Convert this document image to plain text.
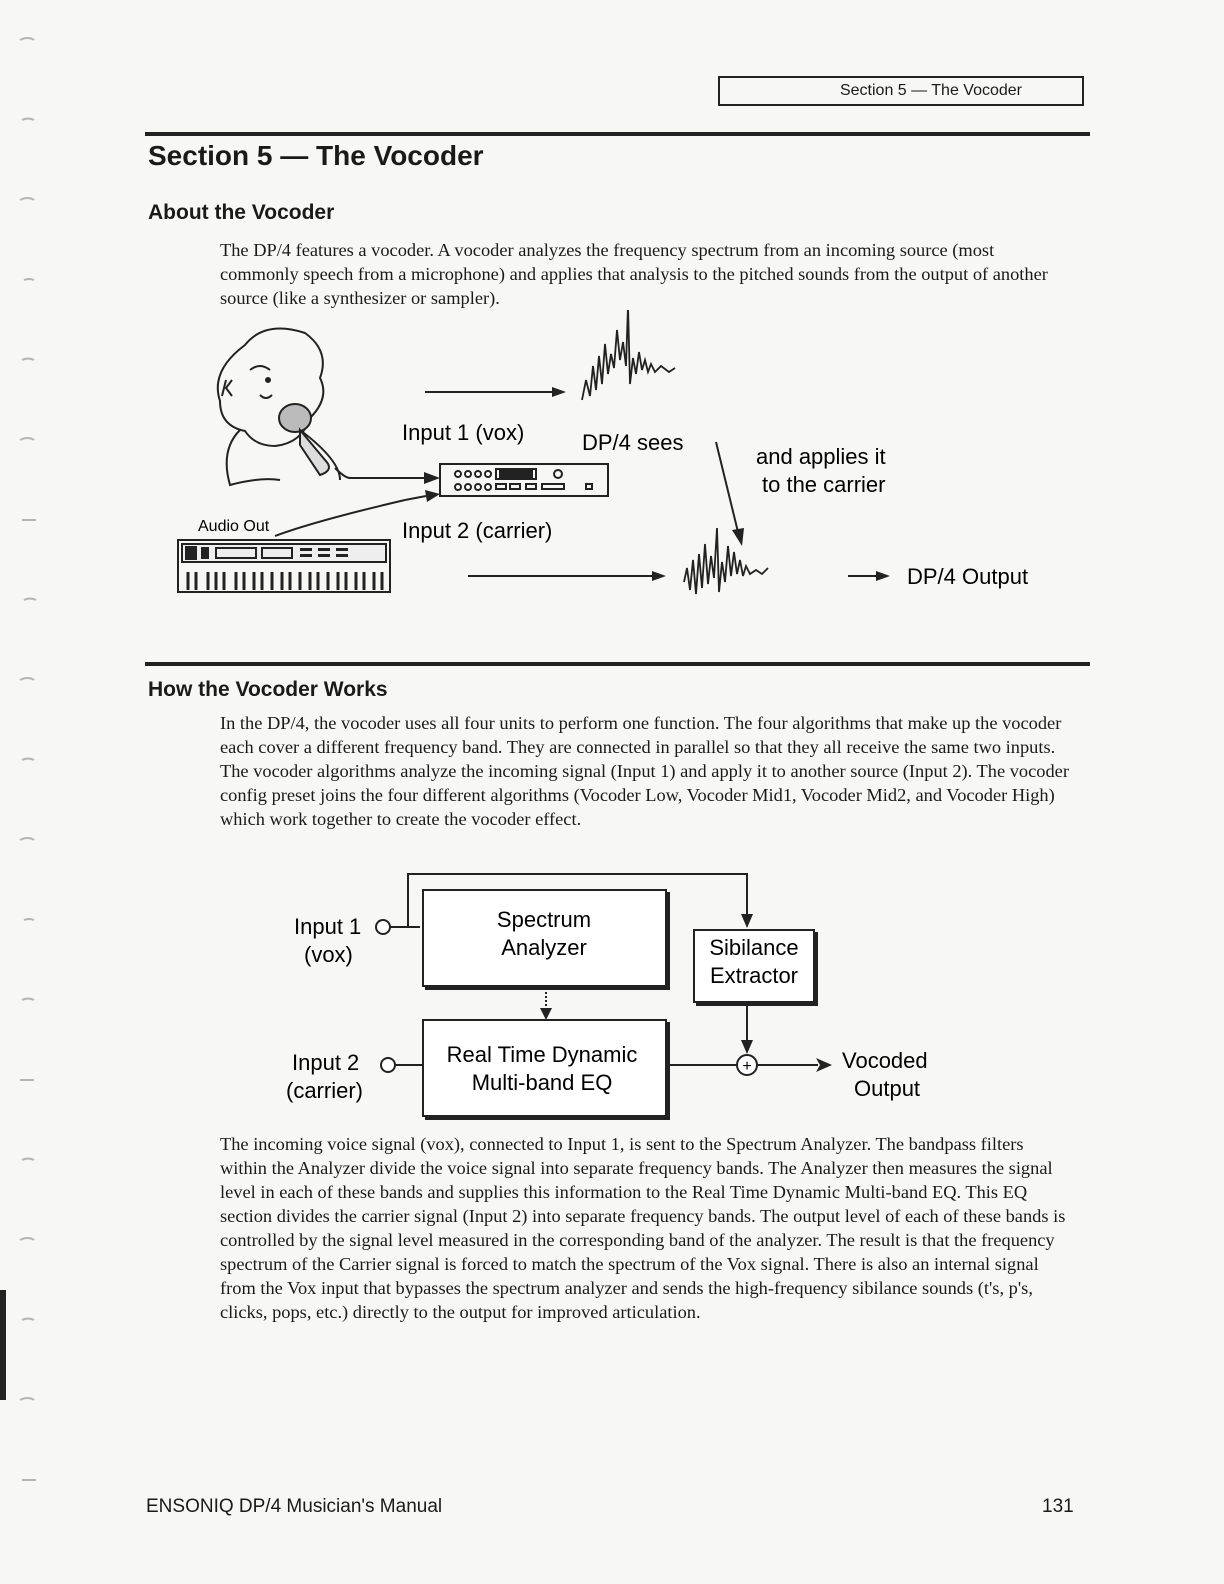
Section 5 — The Vocoder
Section 5 — The Vocoder
About the Vocoder

The DP/4 features a vocoder. A vocoder analyzes the frequency spectrum from an incoming source (most commonly speech from a microphone) and applies that analysis to the pitched sounds from the output of another source (like a synthesizer or sampler).

Audio Out
Input 1 (vox)	DP/4 sees
Input 2 (carrier)
and applies it
to the carrier
DP/4 Output
How the Vocoder Works

In the DP/4, the vocoder uses all four units to perform one function. The four algorithms that make up the vocoder each cover a different frequency band. They are connected in parallel so that they all receive the same two inputs. The vocoder algorithms analyze the incoming signal (Input 1) and apply it to another source (Input 2). The vocoder config preset joins the four different algorithms (Vocoder Low, Vocoder Mid1, Vocoder Mid2, and Vocoder High) which work together to create the vocoder effect.

Input 1
(vox)
Spectrum
Analyzer	Sibilance
Extractor
Real Time Dynamic
Multi-band EQ
Input 2
(carrier)
+	Vocoded
Output

The incoming voice signal (vox), connected to Input 1, is sent to the Spectrum Analyzer. The bandpass filters within the Analyzer divide the voice signal into separate frequency bands. The Analyzer then measures the signal level in each of these bands and supplies this information to the Real Time Dynamic Multi-band EQ. This EQ section divides the carrier signal (Input 2) into separate frequency bands. The output level of each of these bands is controlled by the signal level measured in the corresponding band of the analyzer. The result is that the frequency spectrum of the Carrier signal is forced to match the spectrum of the Vox signal. There is also an internal signal from the Vox input that bypasses the spectrum analyzer and sends the high-frequency sibilance sounds (t's, p's, clicks, pops, etc.) directly to the output for improved articulation.

ENSONIQ DP/4 Musician's Manual	131
